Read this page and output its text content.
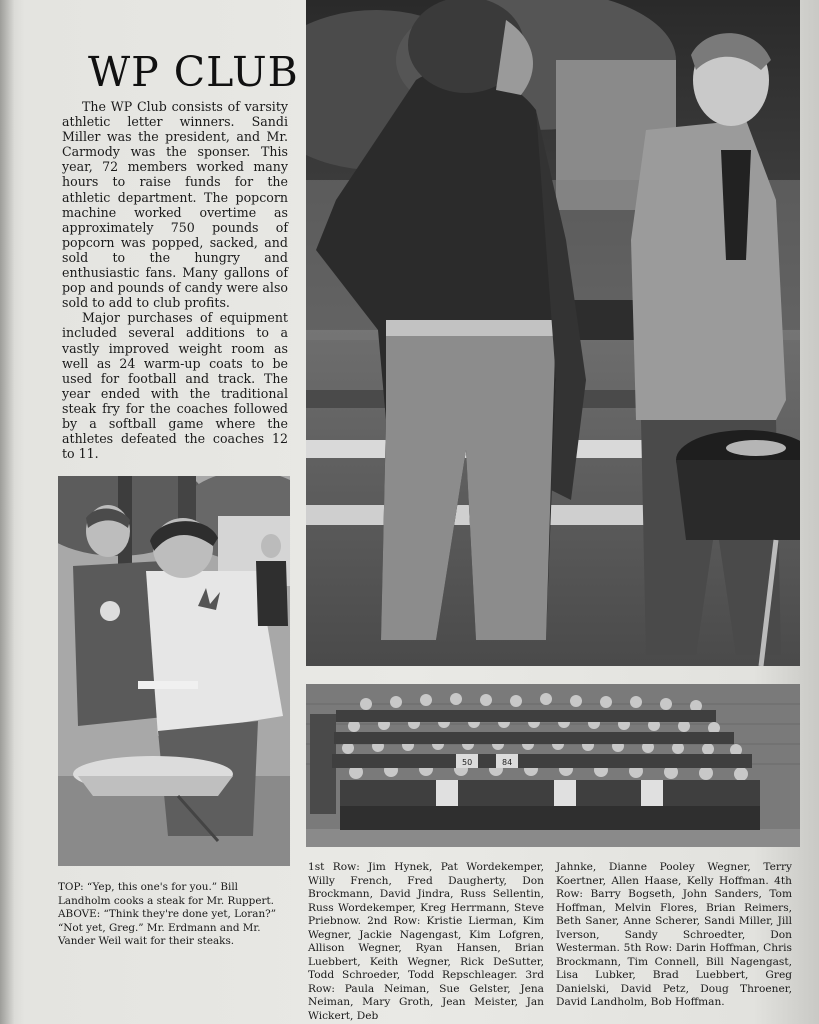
WP CLUB

The WP Club consists of varsity athletic letter winners. Sandi Miller was the president, and Mr. Carmody was the sponser. This year, 72 members worked many hours to raise funds for the athletic department. The popcorn machine worked overtime as approximately 750 pounds of popcorn was popped, sacked, and sold to the hungry and enthusiastic fans. Many gallons of pop and pounds of candy were also sold to add to club profits.

Major purchases of equipment included several additions to a vastly improved weight room as well as 24 warm-up coats to be used for football and track. The year ended with the traditional steak fry for the coaches followed by a softball game where the athletes defeated the coaches 12 to 11.

84
50

TOP: “Yep, this one's for you.” Bill Landholm cooks a steak for Mr. Ruppert. ABOVE: “Think they're done yet, Loran?” “Not yet, Greg.” Mr. Erdmann and Mr. Vander Weil wait for their steaks.

1st Row: Jim Hynek, Pat Wordekemper, Willy French, Fred Daugherty, Don Brockmann, David Jindra, Russ Sellentin, Russ Wordekemper, Kreg Herrmann, Steve Priebnow. 2nd Row: Kristie Lierman, Kim Wegner, Jackie Nagengast, Kim Lofgren, Allison Wegner, Ryan Hansen, Brian Luebbert, Keith Wegner, Rick DeSutter, Todd Schroeder, Todd Repschleager. 3rd Row: Paula Neiman, Sue Gelster, Jena Neiman, Mary Groth, Jean Meister, Jan Wickert, Deb
Jahnke, Dianne Pooley Wegner, Terry Koertner, Allen Haase, Kelly Hoffman. 4th Row: Barry Bogseth, John Sanders, Tom Hoffman, Melvin Flores, Brian Reimers, Beth Saner, Anne Scherer, Sandi Miller, Jill Iverson, Sandy Schroedter, Don Westerman. 5th Row: Darin Hoffman, Chris Brockmann, Tim Connell, Bill Nagengast, Lisa Lubker, Brad Luebbert, Greg Danielski, David Petz, Doug Throener, David Landholm, Bob Hoffman.
